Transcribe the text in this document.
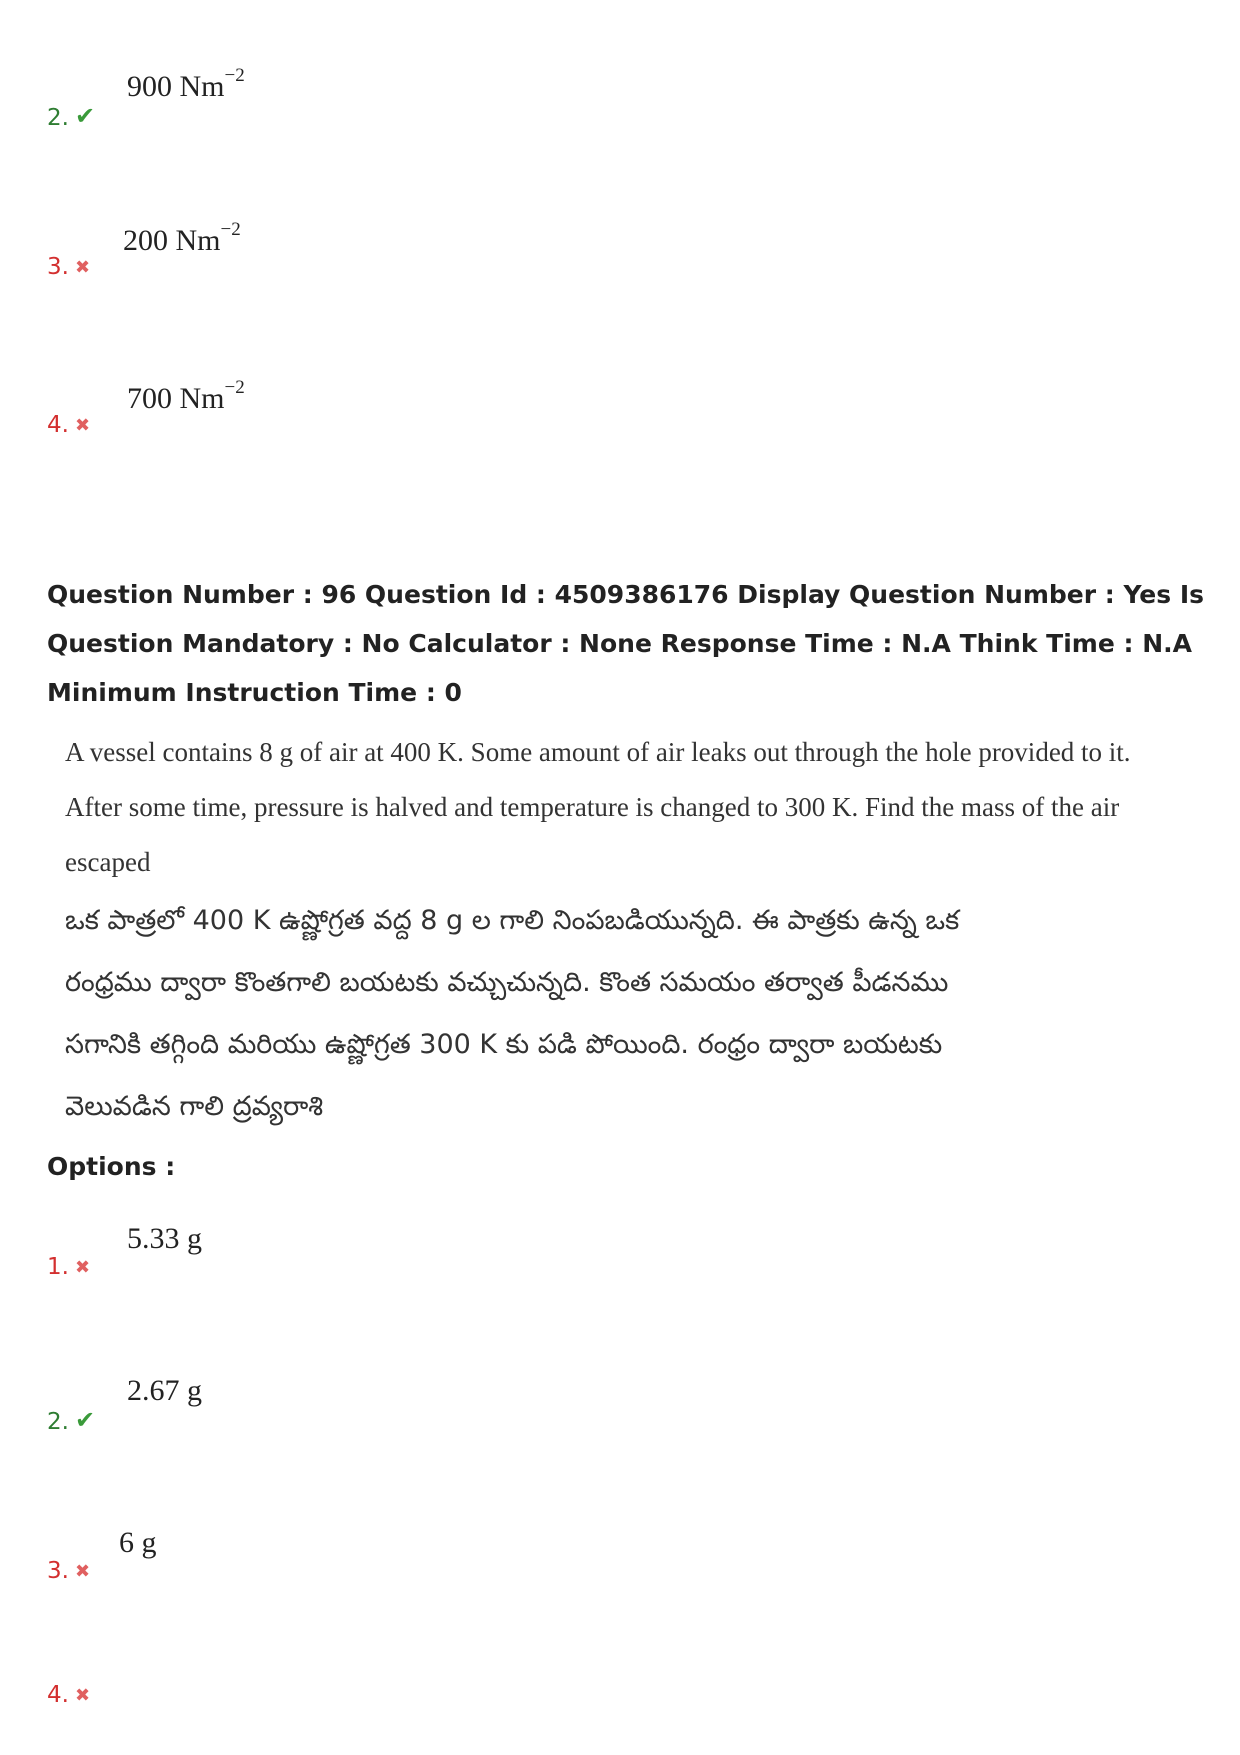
2. ✔
900 $Nm^{-2}$
3. ✖
200 $Nm^{-2}$
4. ✖
700 $Nm^{-2}$
Question Number : 96 Question Id : 4509386176 Display Question Number : Yes Is Question Mandatory : No Calculator : None Response Time : N.A Think Time : N.A Minimum Instruction Time : 0

A vessel contains 8 g of air at 400 K. Some amount of air leaks out through the hole provided to it.

After some time, pressure is halved and temperature is changed to 300 K. Find the mass of the air

escaped

ఒక పాత్రలో 400 K ఉష్ణోగ్రత వద్ద 8 g ల గాలి నింపబడియున్నది. ఈ పాత్రకు ఉన్న ఒక

రంధ్రము ద్వారా కొంతగాలి బయటకు వచ్చుచున్నది. కొంత సమయం తర్వాత పీడనము

సగానికి తగ్గింది మరియు ఉష్ణోగ్రత 300 K కు పడి పోయింది. రంధ్రం ద్వారా బయటకు

వెలువడిన గాలి ద్రవ్యరాశి

Options :
1. ✖
5.33 g
2. ✔
2.67 g
3. ✖
6 g
4. ✖
